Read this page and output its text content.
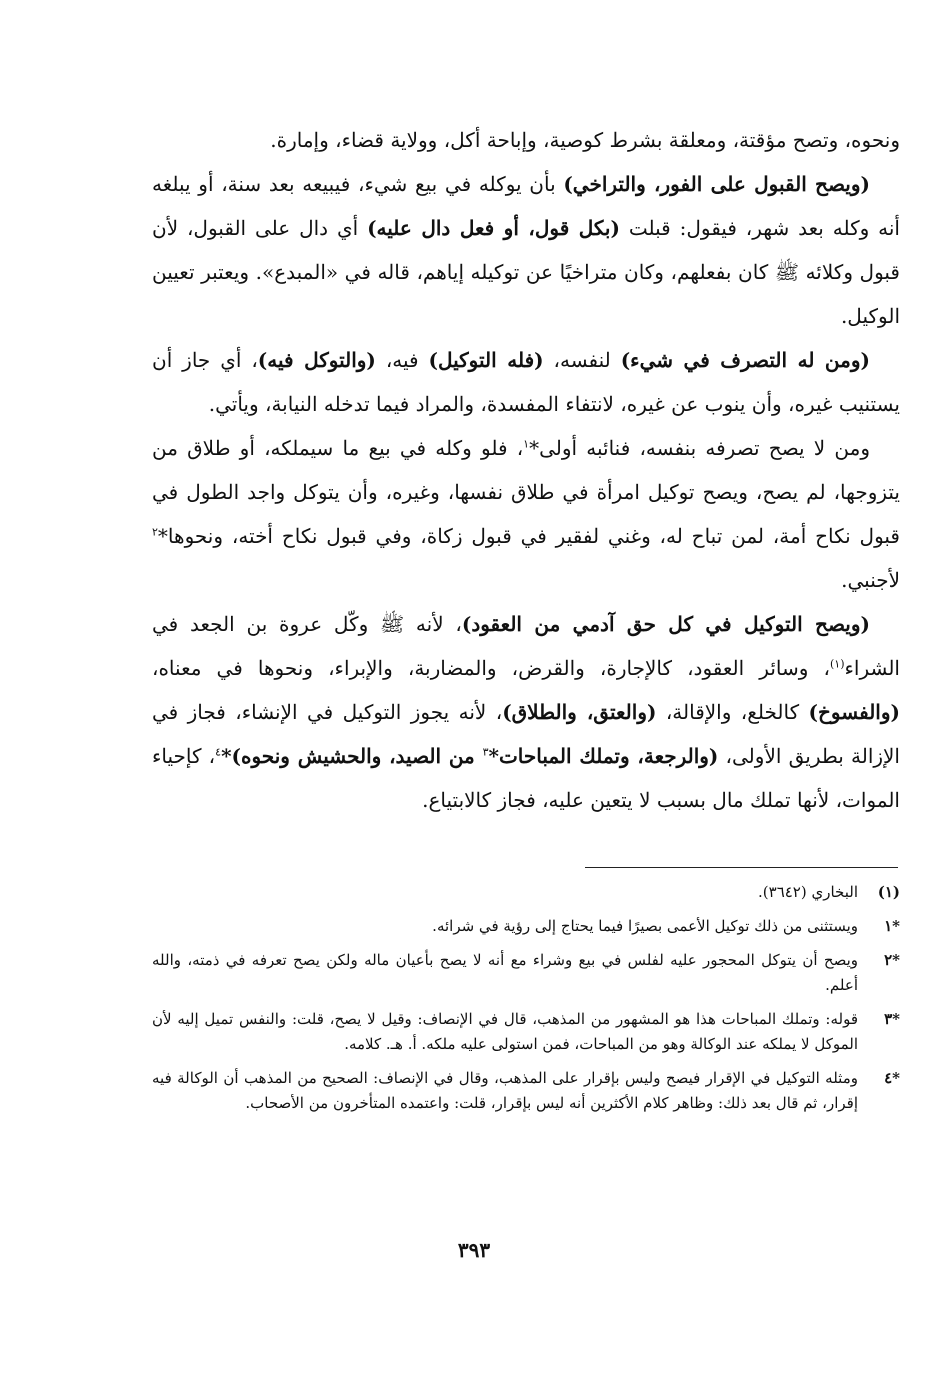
ونحوه، وتصح مؤقتة، ومعلقة بشرط كوصية، وإباحة أكل، وولاية قضاء، وإمارة.

(ويصح القبول على الفور، والتراخي) بأن يوكله في بيع شيء، فيبيعه بعد سنة، أو يبلغه أنه وكله بعد شهر، فيقول: قبلت (بكل قول، أو فعل دال عليه) أي دال على القبول، لأن قبول وكلائه ﷺ كان بفعلهم، وكان متراخيًا عن توكيله إياهم، قاله في «المبدع». ويعتبر تعيين الوكيل.

(ومن له التصرف في شيء) لنفسه، (فله التوكيل) فيه، (والتوكل فيه)، أي جاز أن يستنيب غيره، وأن ينوب عن غيره، لانتفاء المفسدة، والمراد فيما تدخله النيابة، ويأتي.

ومن لا يصح تصرفه بنفسه، فنائبه أولى*$^١$، فلو وكله في بيع ما سيملكه، أو طلاق من يتزوجها، لم يصح، ويصح توكيل امرأة في طلاق نفسها، وغيره، وأن يتوكل واجد الطول في قبول نكاح أمة، لمن تباح له، وغني لفقير في قبول زكاة، وفي قبول نكاح أخته، ونحوها*$^٢$ لأجنبي.

(ويصح التوكيل في كل حق آدمي من العقود)، لأنه ﷺ وكّل عروة بن الجعد في الشراء$^{(١)}$، وسائر العقود، كالإجارة، والقرض، والمضاربة، والإبراء، ونحوها في معناه، (والفسوخ) كالخلع، والإقالة، (والعتق، والطلاق)، لأنه يجوز التوكيل في الإنشاء، فجاز في الإزالة بطريق الأولى، (والرجعة، وتملك المباحات*$^٣$ من الصيد، والحشيش ونحوه)*$^٤$، كإحياء الموات، لأنها تملك مال بسبب لا يتعين عليه، فجاز كالابتياع.

(١)
البخاري (٣٦٤٢).
*١
ويستثنى من ذلك توكيل الأعمى بصيرًا فيما يحتاج إلى رؤية في شرائه.
*٢
ويصح أن يتوكل المحجور عليه لفلس في بيع وشراء مع أنه لا يصح بأعيان ماله ولكن يصح تعرفه في ذمته، والله أعلم.
*٣
قوله: وتملك المباحات هذا هو المشهور من المذهب، قال في الإنصاف: وقيل لا يصح، قلت: والنفس تميل إليه لأن الموكل لا يملكه عند الوكالة وهو من المباحات، فمن استولى عليه ملكه. أ. هـ. كلامه.
*٤
ومثله التوكيل في الإقرار فيصح وليس بإقرار على المذهب، وقال في الإنصاف: الصحيح من المذهب أن الوكالة فيه إقرار، ثم قال بعد ذلك: وظاهر كلام الأكثرين أنه ليس بإقرار، قلت: واعتمده المتأخرون من الأصحاب.
٣٩٣
